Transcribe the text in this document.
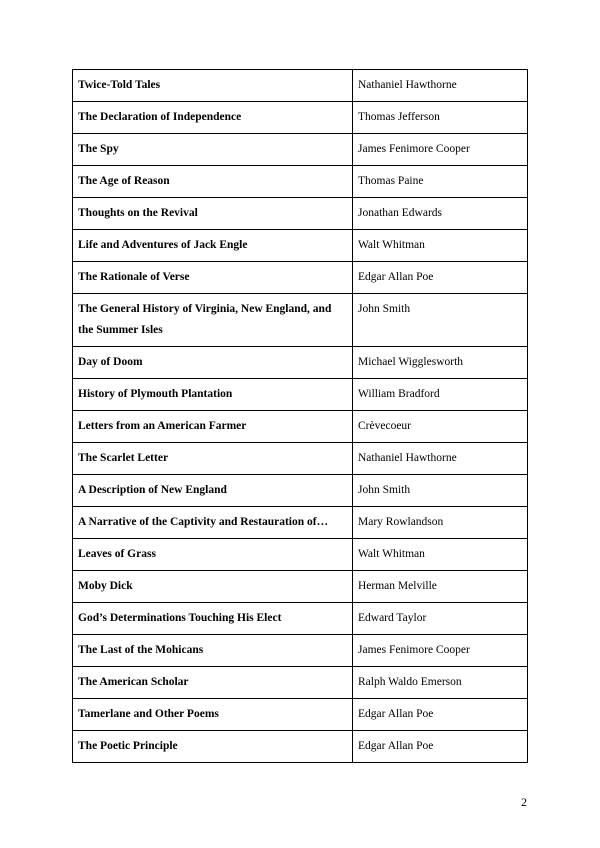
Twice-Told Tales	Nathaniel Hawthorne
The Declaration of Independence	Thomas Jefferson
The Spy	James Fenimore Cooper
The Age of Reason	Thomas Paine
Thoughts on the Revival	Jonathan Edwards
Life and Adventures of Jack Engle	Walt Whitman
The Rationale of Verse	Edgar Allan Poe
The General History of Virginia, New England, and the Summer Isles	John Smith
Day of Doom	Michael Wigglesworth
History of Plymouth Plantation	William Bradford
Letters from an American Farmer	Crèvecoeur
The Scarlet Letter	Nathaniel Hawthorne
A Description of New England	John Smith
A Narrative of the Captivity and Restauration of…	Mary Rowlandson
Leaves of Grass	Walt Whitman
Moby Dick	Herman Melville
God’s Determinations Touching His Elect	Edward Taylor
The Last of the Mohicans	James Fenimore Cooper
The American Scholar	Ralph Waldo Emerson
Tamerlane and Other Poems	Edgar Allan Poe
The Poetic Principle	Edgar Allan Poe
2
